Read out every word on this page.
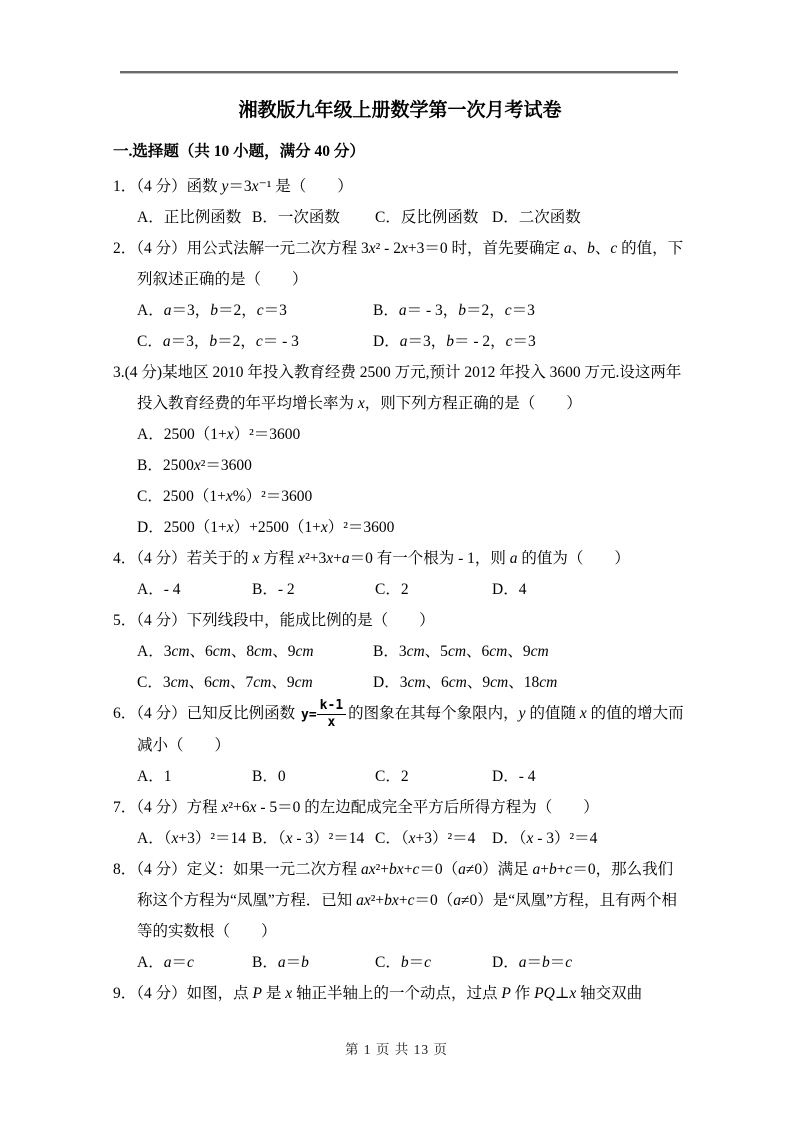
湘教版九年级上册数学第一次月考试卷
一.选择题（共 10 小题，满分 40 分）
1．（4 分）函数 y＝3x⁻¹ 是（　　）
A．正比例函数 B．一次函数	C．反比例函数 D．二次函数
2．（4 分）用公式法解一元二次方程 3x² - 2x+3＝0 时，首先要确定 a、b、c 的值，下列叙述正确的是（　　）
A．a＝3，b＝2，c＝3	B．a＝ - 3，b＝2，c＝3
C．a＝3，b＝2，c＝ - 3	D．a＝3，b＝ - 2，c＝3
3.(4 分)某地区 2010 年投入教育经费 2500 万元,预计 2012 年投入 3600 万元.设这两年投入教育经费的年平均增长率为 x，则下列方程正确的是（　　）
A．2500（1+x）²＝3600
B．2500x²＝3600
C．2500（1+x%）²＝3600
D．2500（1+x）+2500（1+x）²＝3600
4．（4 分）若关于的 x 方程 x²+3x+a＝0 有一个根为 - 1，则 a 的值为（　　）
A．- 4	B．- 2	C．2	D．4
5．（4 分）下列线段中，能成比例的是（　　）
A．3cm、6cm、8cm、9cm	B．3cm、5cm、6cm、9cm
C．3cm、6cm、7cm、9cm	D．3cm、6cm、9cm、18cm
6．（4 分）已知反比例函数 $y= \frac{k-1}{x}$ 的图象在其每个象限内，y 的值随 x 的值的增大而减小（　　）
A．1	B．0	C．2	D．- 4
7．（4 分）方程 x²+6x - 5＝0 的左边配成完全平方后所得方程为（　　）
A．（x+3）²＝14 B．（x - 3）²＝14 C．（x+3）²＝4	D．（x - 3）²＝4
8．（4 分）定义：如果一元二次方程 ax²+bx+c＝0（a≠0）满足 a+b+c＝0，那么我们称这个方程为“凤凰”方程．已知 ax²+bx+c＝0（a≠0）是“凤凰”方程，且有两个相等的实数根（　　）
A．a＝c	B．a＝b	C．b＝c	D．a＝b＝c
9．（4 分）如图，点 P 是 x 轴正半轴上的一个动点，过点 P 作 PQ⊥x 轴交双曲
第 1 页 共 13 页
